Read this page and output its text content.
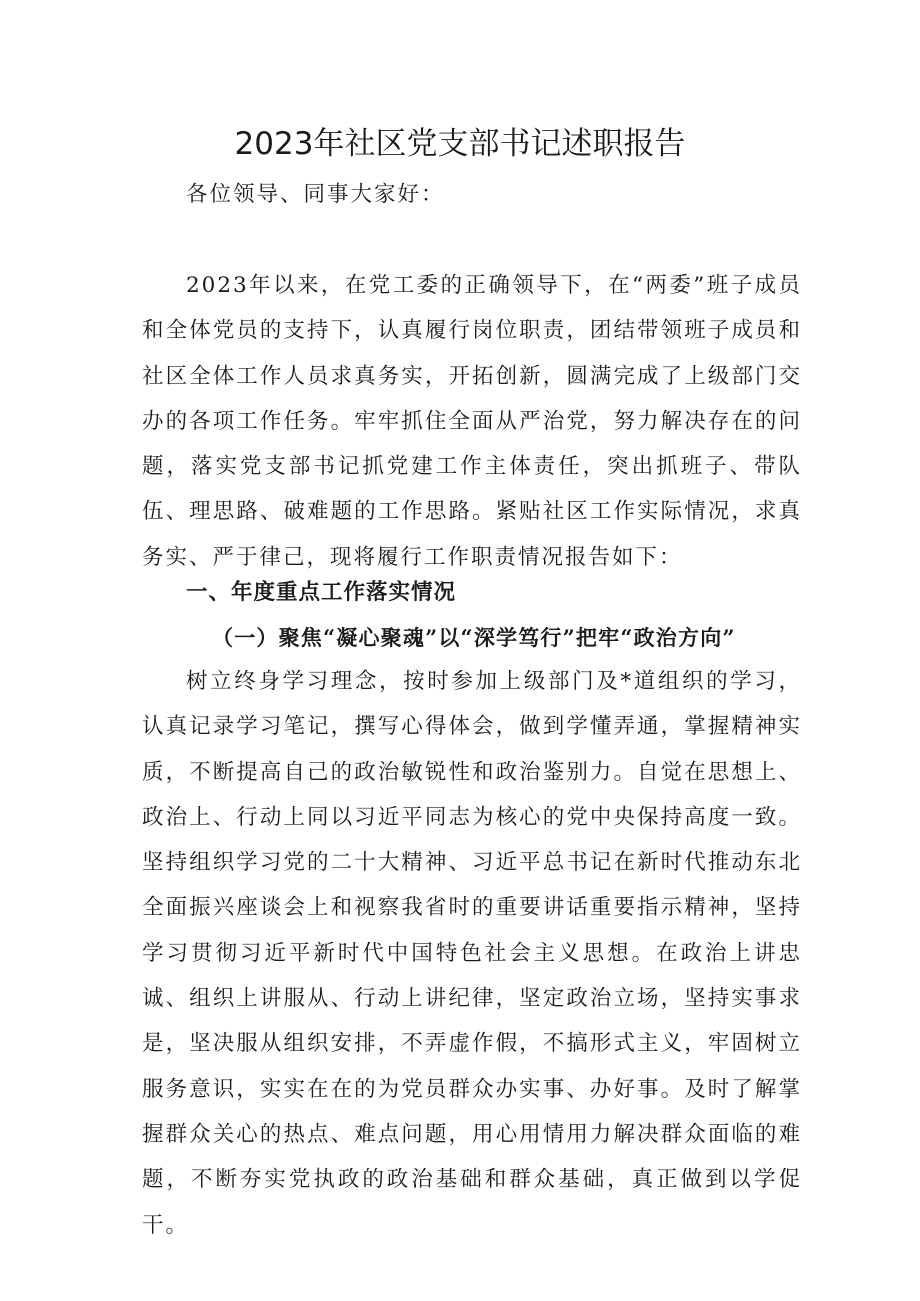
2023年社区党支部书记述职报告

各位领导、同事大家好：

2023年以来，在党工委的正确领导下，在“两委”班子成员和全体党员的支持下，认真履行岗位职责，团结带领班子成员和社区全体工作人员求真务实，开拓创新，圆满完成了上级部门交办的各项工作任务。牢牢抓住全面从严治党，努力解决存在的问题，落实党支部书记抓党建工作主体责任，突出抓班子、带队伍、理思路、破难题的工作思路。紧贴社区工作实际情况，求真务实、严于律己，现将履行工作职责情况报告如下：

一、年度重点工作落实情况
（一）聚焦“凝心聚魂”以“深学笃行”把牢“政治方向”

树立终身学习理念，按时参加上级部门及*道组织的学习，认真记录学习笔记，撰写心得体会，做到学懂弄通，掌握精神实质，不断提高自己的政治敏锐性和政治鉴别力。自觉在思想上、政治上、行动上同以习近平同志为核心的党中央保持高度一致。坚持组织学习党的二十大精神、习近平总书记在新时代推动东北全面振兴座谈会上和视察我省时的重要讲话重要指示精神，坚持学习贯彻习近平新时代中国特色社会主义思想。在政治上讲忠诚、组织上讲服从、行动上讲纪律，坚定政治立场，坚持实事求是，坚决服从组织安排，不弄虚作假，不搞形式主义，牢固树立服务意识，实实在在的为党员群众办实事、办好事。及时了解掌握群众关心的热点、难点问题，用心用情用力解决群众面临的难题，不断夯实党执政的政治基础和群众基础，真正做到以学促干。
